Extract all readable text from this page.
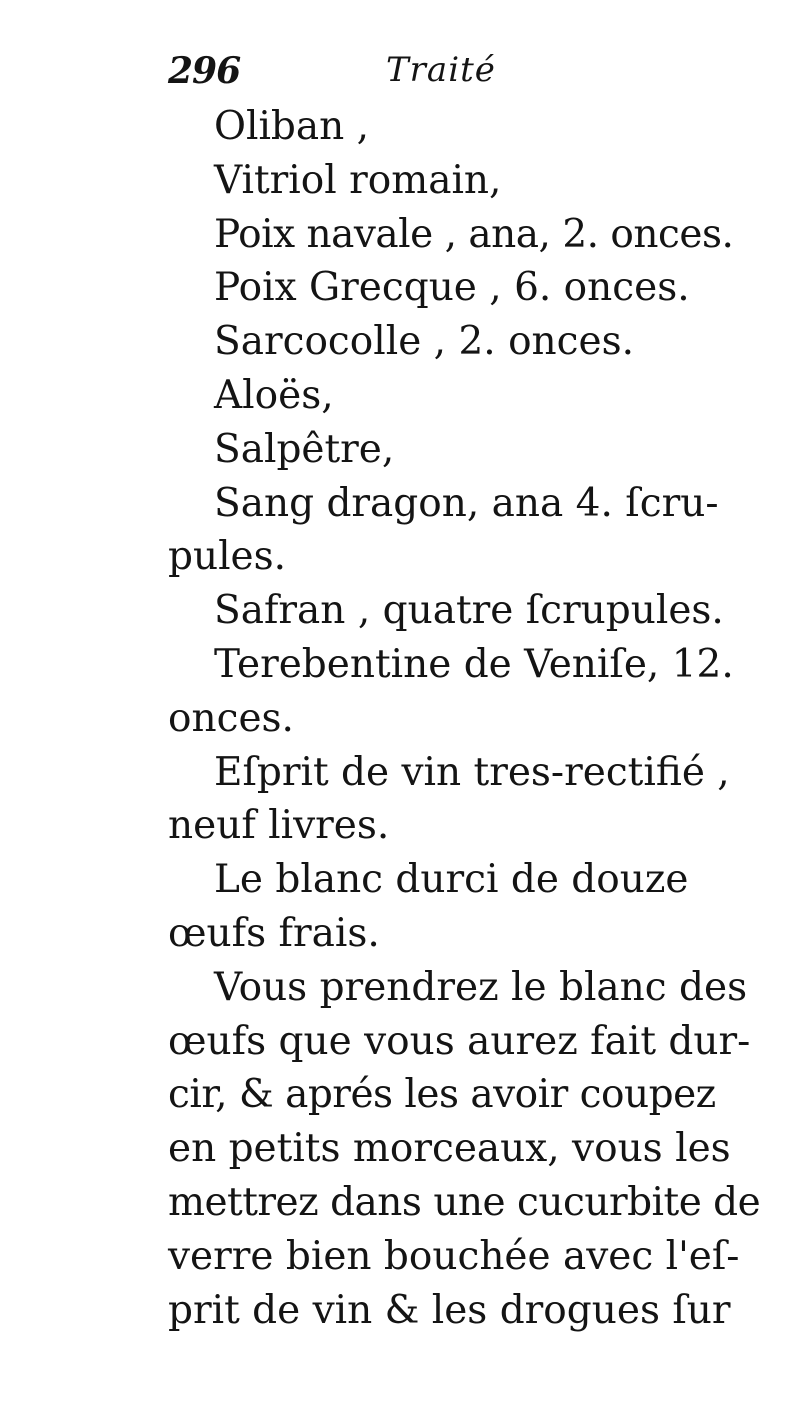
296	Traité
Oliban ,
Vitriol romain,
Poix navale , ana, 2. onces.
Poix Grecque , 6. onces.
Sarcocolle , 2. onces.
Aloës,
Salpêtre,
Sang dragon, ana 4. ſcru-
pules.
Safran , quatre ſcrupules.
Terebentine de Veniſe, 12.
onces.
Eſprit de vin tres-rectifié ,
neuf livres.
Le blanc durci de douze
œufs frais.
Vous prendrez le blanc des
œufs que vous aurez fait dur-
cir, & aprés les avoir coupez
en petits morceaux, vous les
mettrez dans une cucurbite de
verre bien bouchée avec l'eſ-
prit de vin & les drogues ſur
